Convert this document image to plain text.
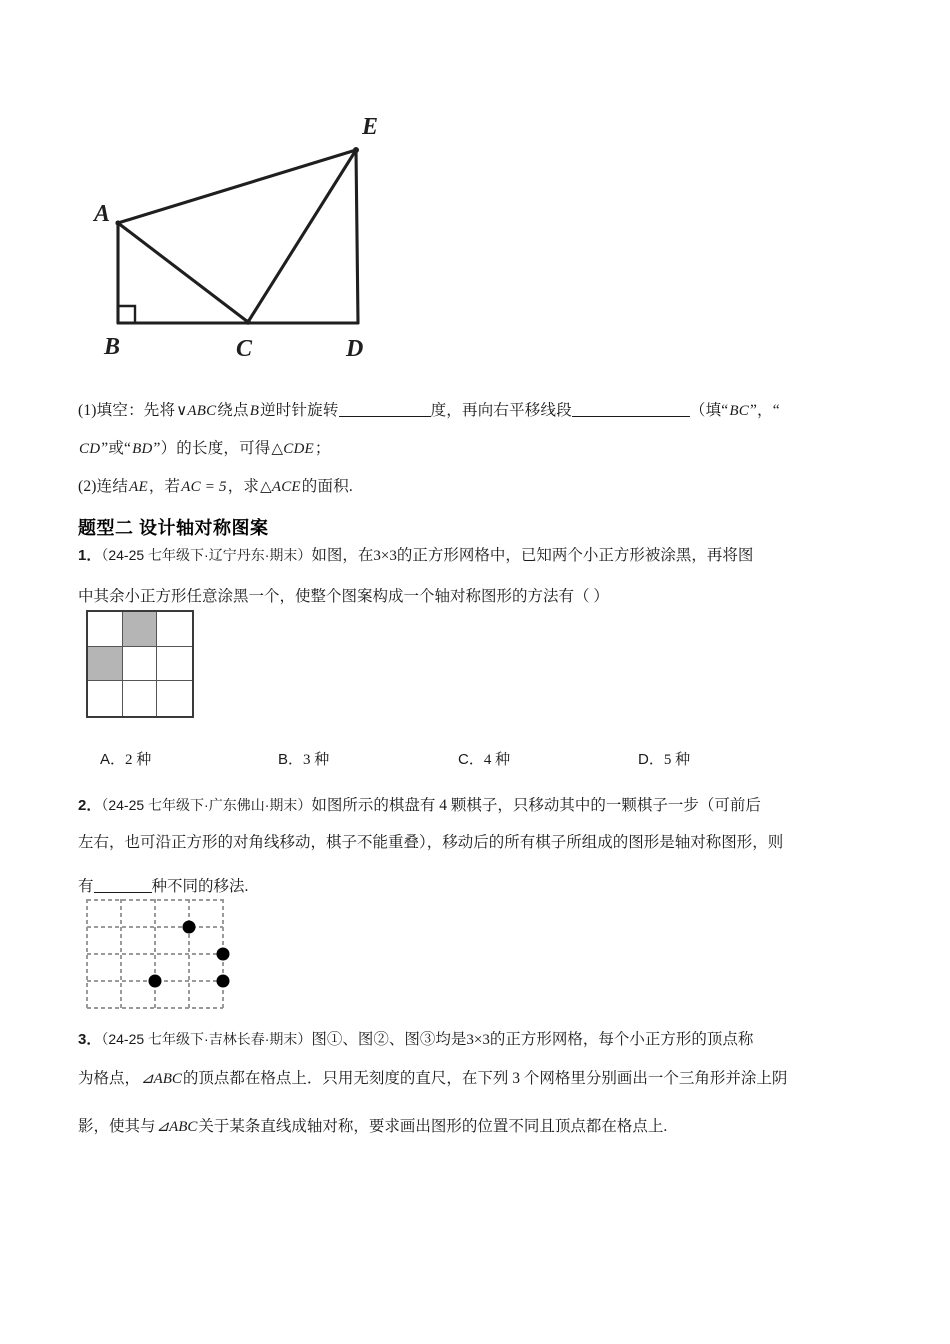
A
B	C	D
E
(1)填空：先将∨ABC绕点B逆时针旋转	度，再向右平移线段	（填“BC”，“
CD”或“BD”）的长度，可得△CDE；
(2)连结AE，若AC = 5，求△ACE的面积.
题型二 设计轴对称图案
1．（24-25 七年级下·辽宁丹东·期末）如图，在3×3的正方形网格中，已知两个小正方形被涂黑，再将图
中其余小正方形任意涂黑一个，使整个图案构成一个轴对称图形的方法有（ ）
A．2 种	B．3 种	C．4 种	D．5 种
2．（24-25 七年级下·广东佛山·期末）如图所示的棋盘有 4 颗棋子，只移动其中的一颗棋子一步（可前后
左右，也可沿正方形的对角线移动，棋子不能重叠），移动后的所有棋子所组成的图形是轴对称图形，则
有	种不同的移法.
3．（24-25 七年级下·吉林长春·期末）图①、图②、图③均是3×3的正方形网格，每个小正方形的顶点称
为格点，⊿ABC的顶点都在格点上．只用无刻度的直尺，在下列 3 个网格里分别画出一个三角形并涂上阴
影，使其与⊿ABC关于某条直线成轴对称，要求画出图形的位置不同且顶点都在格点上.
